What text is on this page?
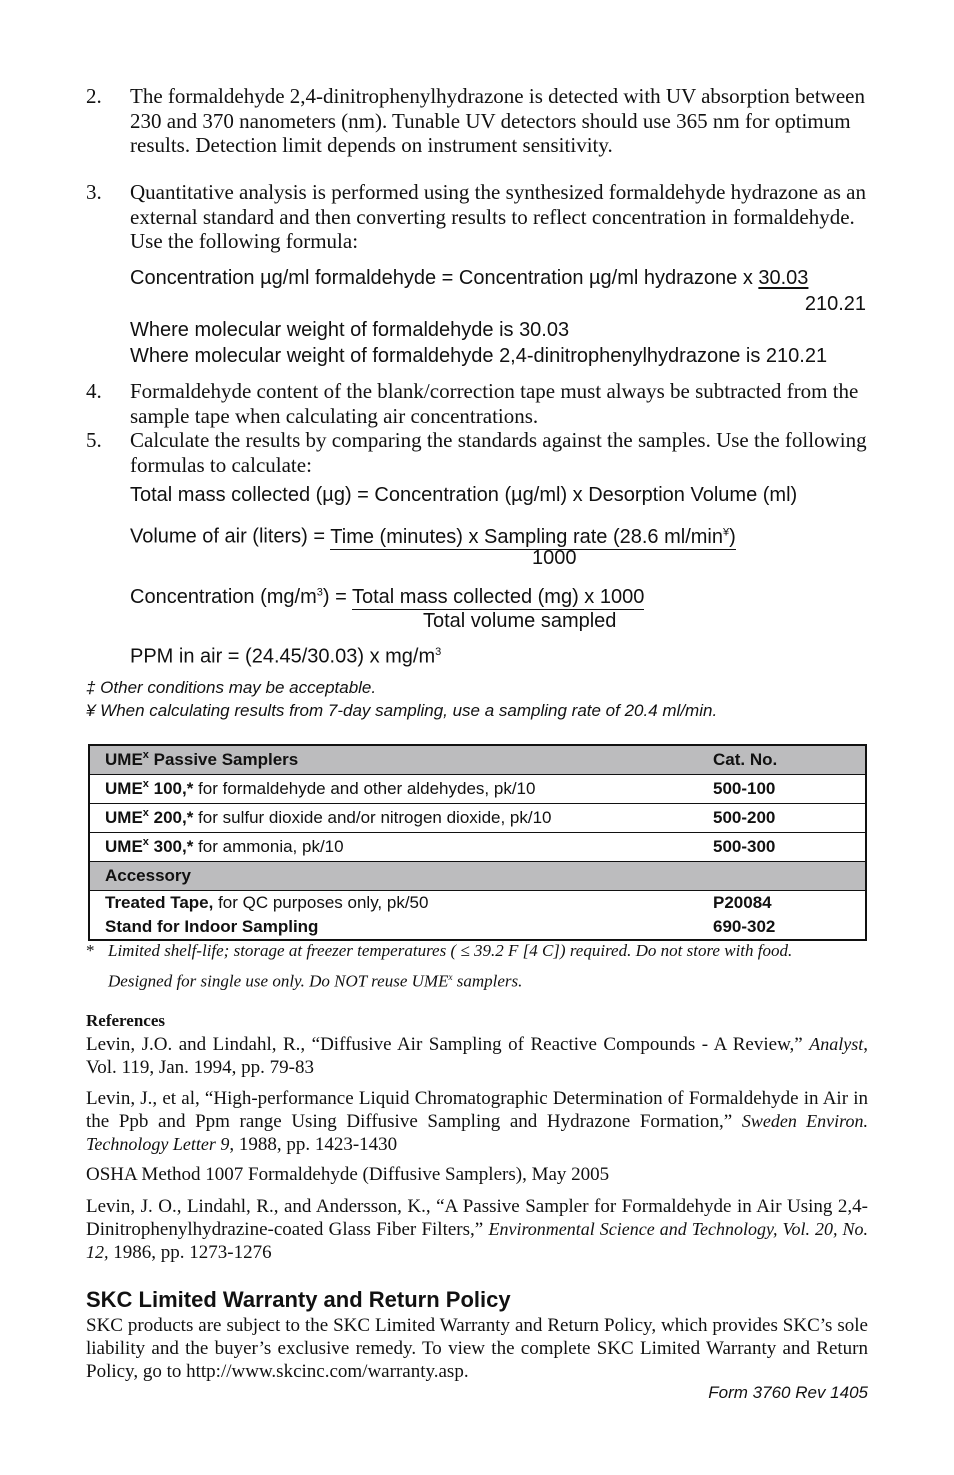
2. The formaldehyde 2,4-dinitrophenylhydrazone is detected with UV absorption between 230 and 370 nanometers (nm). Tunable UV detectors should use 365 nm for optimum results. Detection limit depends on instrument sensitivity.
3. Quantitative analysis is performed using the synthesized formaldehyde hydrazone as an external standard and then converting results to reflect concentration in formaldehyde. Use the following formula:
Concentration µg/ml formaldehyde = Concentration µg/ml hydrazone x 30.03
210.21
Where molecular weight of formaldehyde is 30.03
Where molecular weight of formaldehyde 2,4-dinitrophenylhydrazone is 210.21
4. Formaldehyde content of the blank/correction tape must always be subtracted from the sample tape when calculating air concentrations.
5. Calculate the results by comparing the standards against the samples. Use the following formulas to calculate:
Total mass collected (µg) = Concentration (µg/ml) x Desorption Volume (ml)
Volume of air (liters) = Time (minutes) x Sampling rate (28.6 ml/min¥)
1000
Concentration $(mg/m^3)$ = Total mass collected (mg) x 1000
Total volume sampled
PPM in air = (24.45/30.03) x $mg/m^3$
‡ Other conditions may be acceptable.
¥ When calculating results from 7-day sampling, use a sampling rate of 20.4 ml/min.
UME$^x$ Passive Samplers	Cat. No.
UME$^x$ 100,* for formaldehyde and other aldehydes, pk/10	500-100
UME$^x$ 200,* for sulfur dioxide and/or nitrogen dioxide, pk/10	500-200
UME$^x$ 300,* for ammonia, pk/10	500-300
Accessory	
Treated Tape, for QC purposes only, pk/50	P20084
Stand for Indoor Sampling	690-302
* Limited shelf-life; storage at freezer temperatures ( ≤ 39.2 F [4 C]) required. Do not store with food.
Designed for single use only. Do NOT reuse UME$^x$ samplers.
References
Levin, J.O. and Lindahl, R., “Diffusive Air Sampling of Reactive Compounds - A Review,” Analyst, Vol. 119, Jan. 1994, pp. 79-83
Levin, J., et al, “High-performance Liquid Chromatographic Determination of Formaldehyde in Air in the Ppb and Ppm range Using Diffusive Sampling and Hydrazone Formation,” Sweden Environ. Technology Letter 9, 1988, pp. 1423-1430
OSHA Method 1007 Formaldehyde (Diffusive Samplers), May 2005
Levin, J. O., Lindahl, R., and Andersson, K., “A Passive Sampler for Formaldehyde in Air Using 2,4-Dinitrophenylhydrazine-coated Glass Fiber Filters,” Environmental Science and Technology, Vol. 20, No. 12, 1986, pp. 1273-1276
SKC Limited Warranty and Return Policy
SKC products are subject to the SKC Limited Warranty and Return Policy, which provides SKC’s sole liability and the buyer’s exclusive remedy. To view the complete SKC Limited Warranty and Return Policy, go to http://www.skcinc.com/warranty.asp.
Form 3760 Rev 1405
